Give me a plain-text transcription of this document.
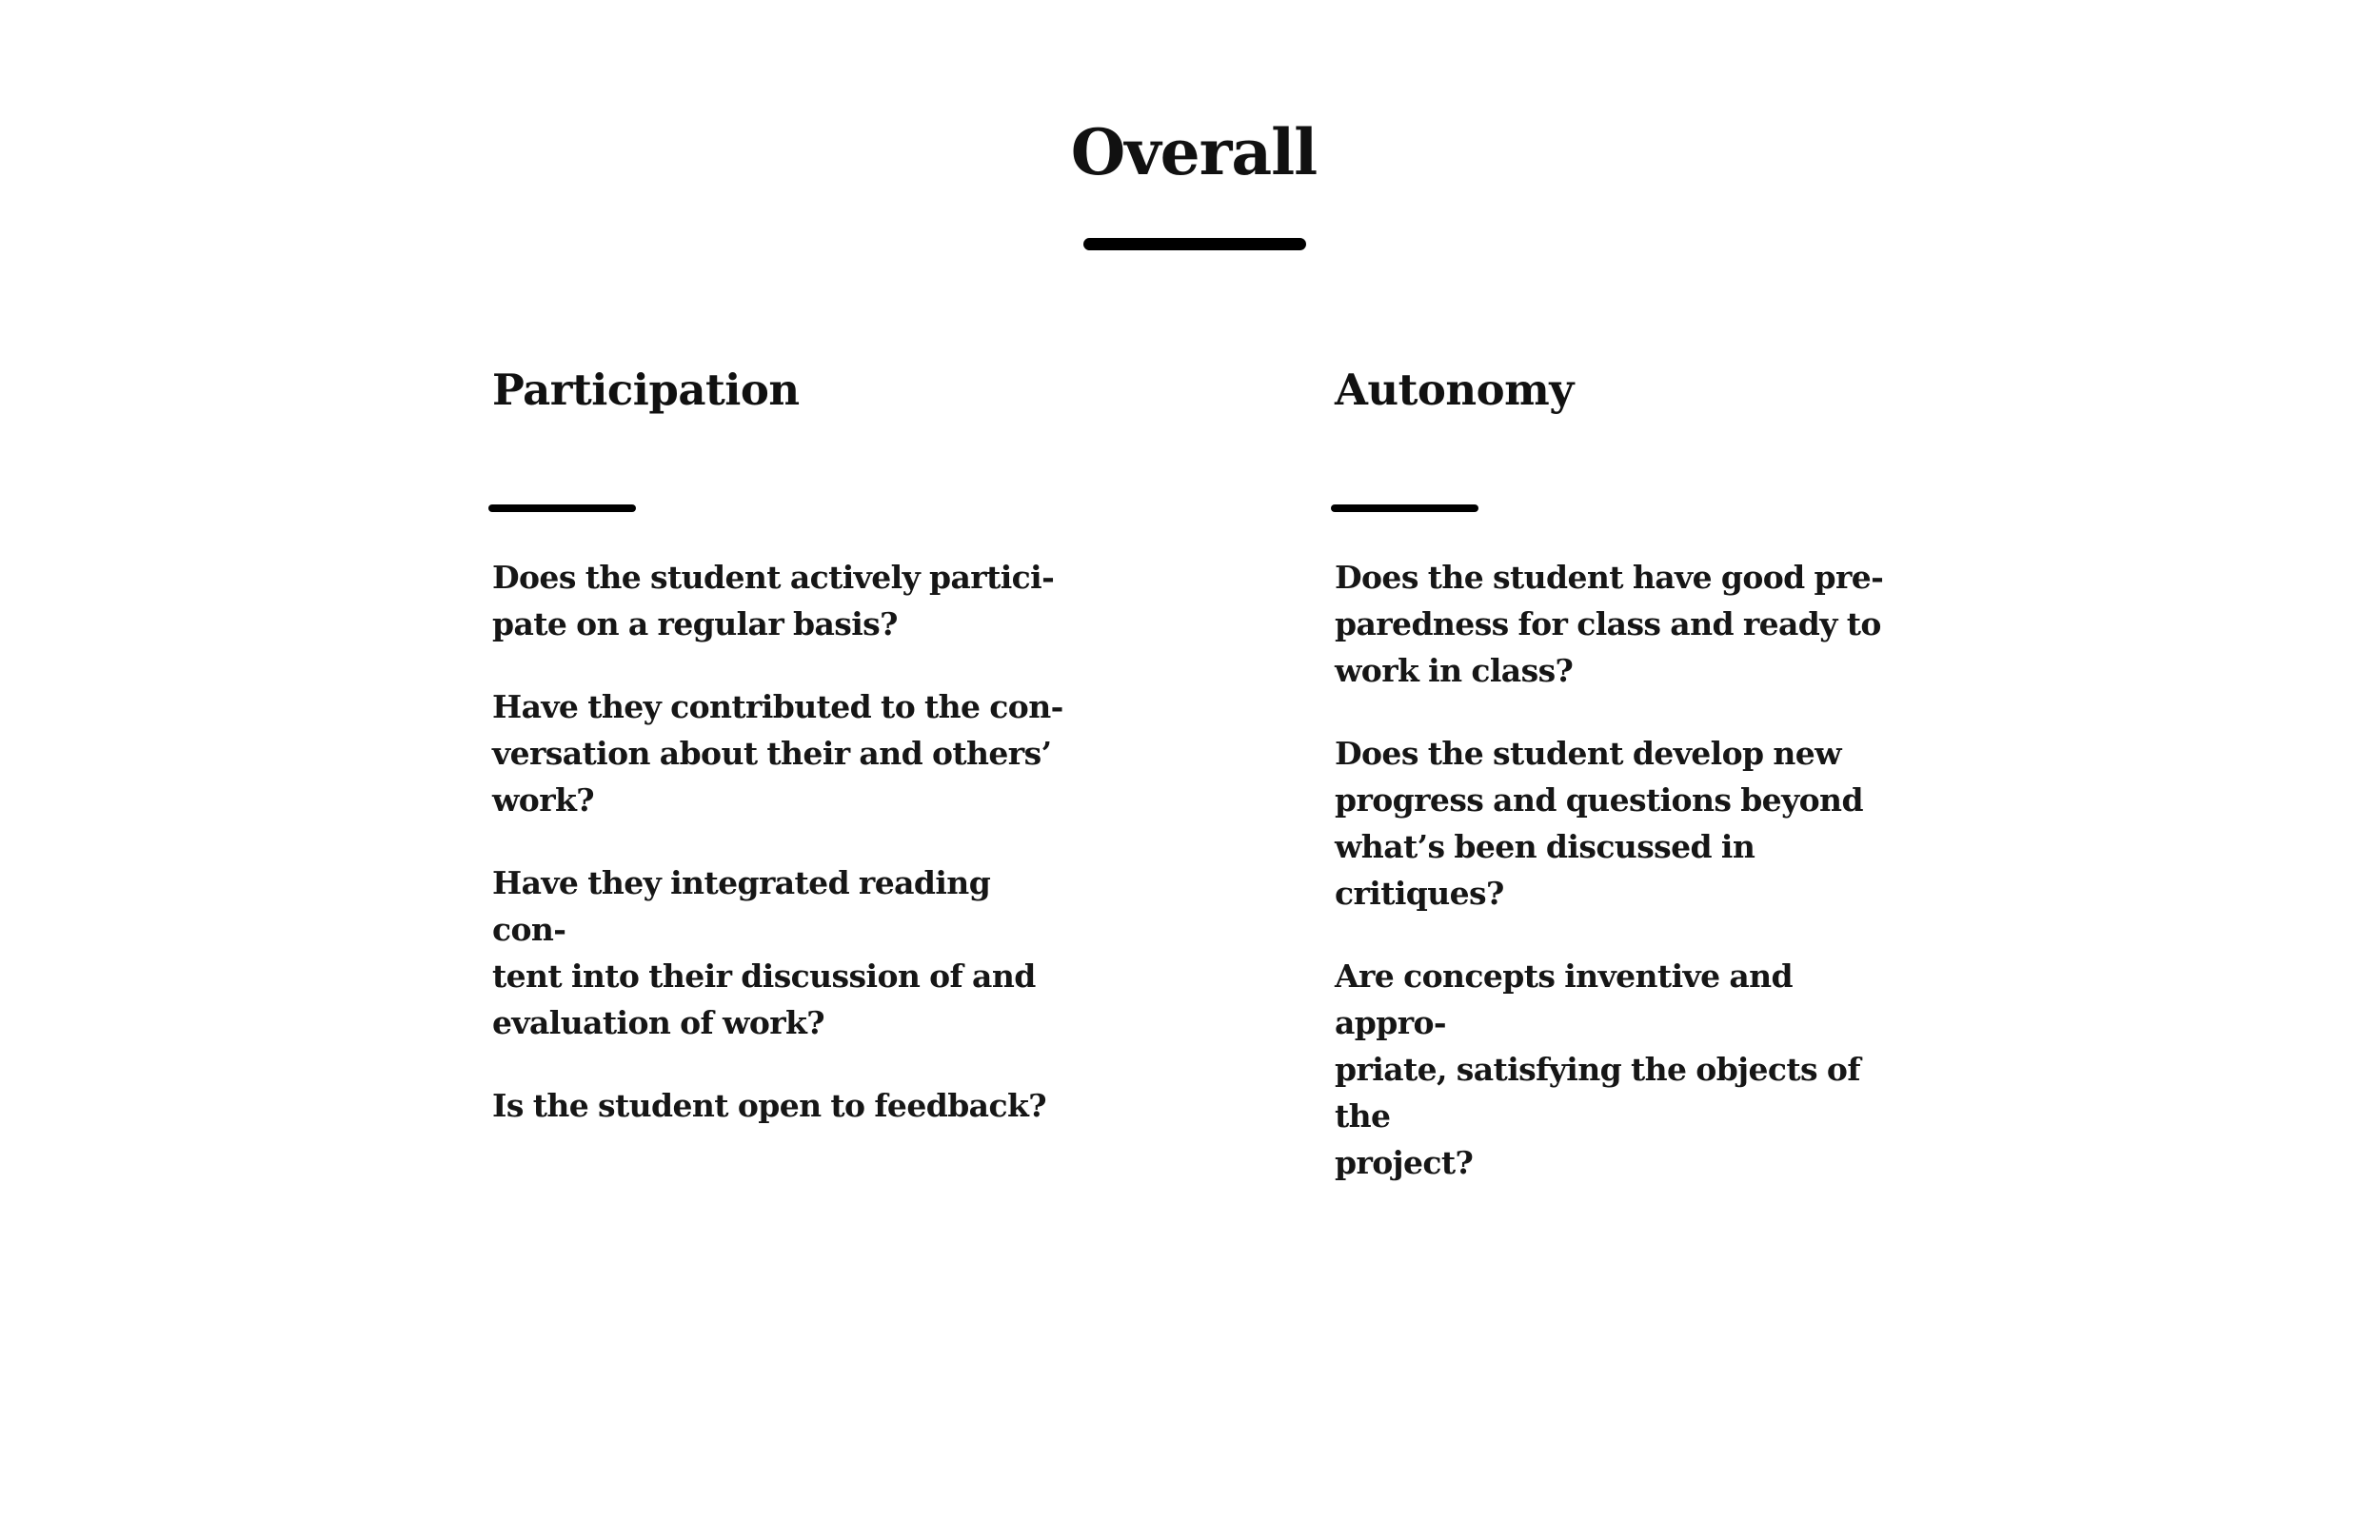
Overall
Participation
Does the student actively partici-
pate on a regular basis?
Have they contributed to the con-
versation about their and others’
work?
Have they integrated reading con-
tent into their discussion of and
evaluation of work?
Is the student open to feedback?
Autonomy
Does the student have good pre-
paredness for class and ready to
work in class?
Does the student develop new
progress and questions beyond
what’s been discussed in critiques?
Are concepts inventive and appro-
priate, satisfying the objects of the
project?
